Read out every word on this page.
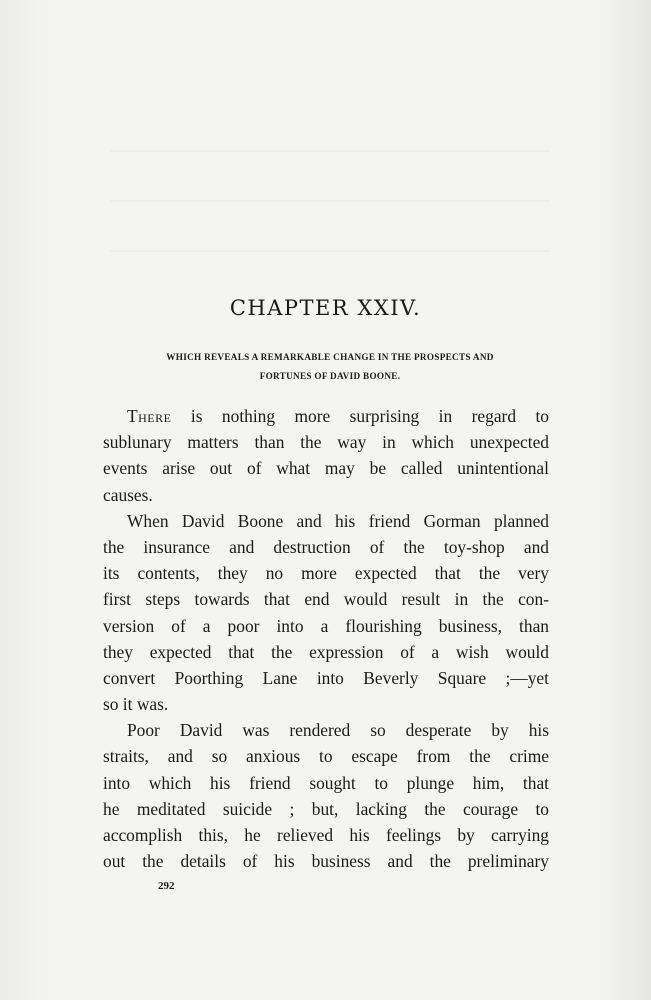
CHAPTER XXIV.
WHICH REVEALS A REMARKABLE CHANGE IN THE PROSPECTS AND
FORTUNES OF DAVID BOONE.
There is nothing more surprising in regard to
sublunary matters than the way in which unexpected
events arise out of what may be called unintentional
causes.
When David Boone and his friend Gorman planned
the insurance and destruction of the toy-shop and
its contents, they no more expected that the very
first steps towards that end would result in the con-
version of a poor into a flourishing business, than
they expected that the expression of a wish would
convert Poorthing Lane into Beverly Square ;—yet
so it was.
Poor David was rendered so desperate by his
straits, and so anxious to escape from the crime
into which his friend sought to plunge him, that
he meditated suicide ; but, lacking the courage to
accomplish this, he relieved his feelings by carrying
out the details of his business and the preliminary
292
